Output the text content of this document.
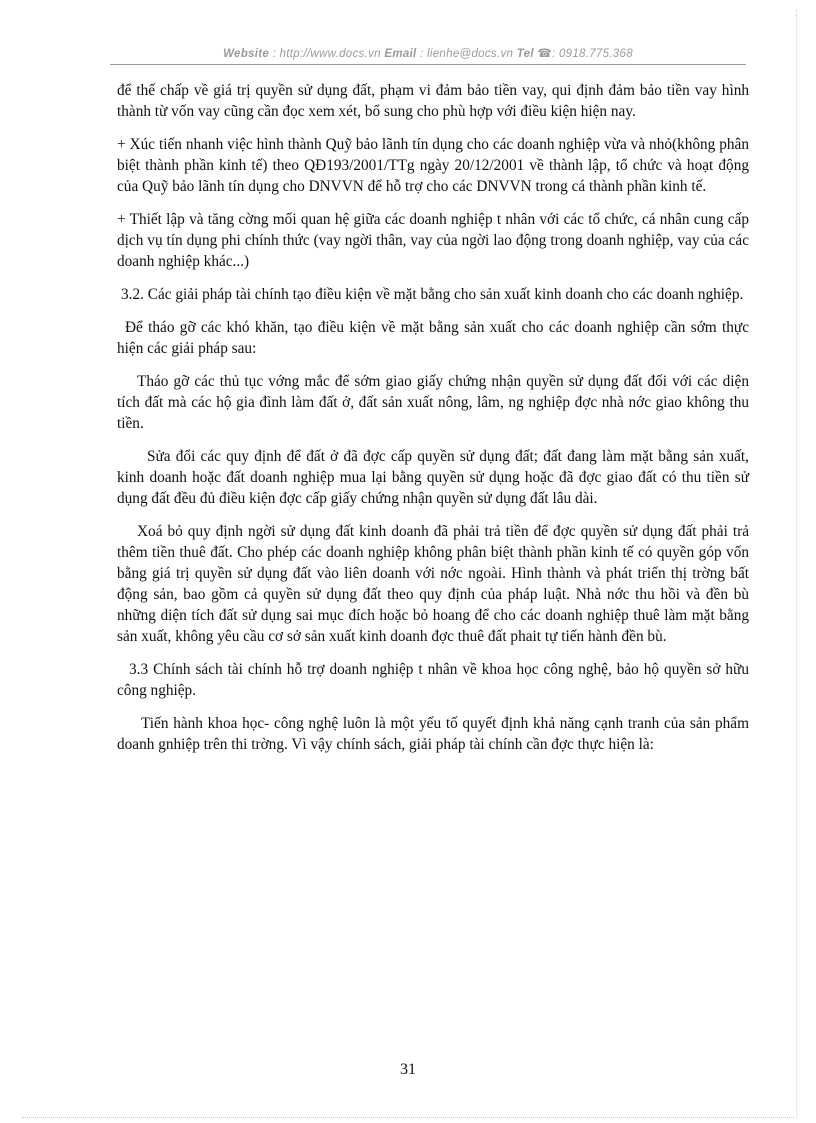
Website : http://www.docs.vn Email : lienhe@docs.vn Tel ☎: 0918.775.368

để thế chấp về giá trị quyền sử dụng đất, phạm vi đảm bảo tiền vay, qui định đảm bảo tiền vay hình thành từ vốn vay cũng cần đọc xem xét, bổ sung cho phù hợp với điều kiện hiện nay.

+ Xúc tiến nhanh việc hình thành Quỹ bảo lãnh tín dụng cho các doanh nghiệp vừa và nhỏ(không phân biệt thành phần kinh tế) theo QĐ193/2001/TTg ngày 20/12/2001 về thành lập, tổ chức và hoạt động của Quỹ bảo lãnh tín dụng cho DNVVN để hỗ trợ cho các DNVVN trong cá thành phần kinh tế.

+ Thiết lập và tăng cờng mối quan hệ giữa các doanh nghiệp t nhân với các tổ chức, cá nhân cung cấp dịch vụ tín dụng phi chính thức (vay ngời thân, vay của ngời lao động trong doanh nghiệp, vay của các doanh nghiệp khác...)

3.2. Các giải pháp tài chính tạo điều kiện về mặt bằng cho sản xuất kinh doanh cho các doanh nghiệp.

Để tháo gỡ các khó khăn, tạo điều kiện về mặt bằng sản xuất cho các doanh nghiệp cần sớm thực hiện các giải pháp sau:

Tháo gỡ các thủ tục vớng mắc để sớm giao giấy chứng nhận quyền sử dụng đất đối với các diện tích đất mà các hộ gia đình làm đất ở, đất sản xuất nông, lâm, ng nghiệp đợc nhà nớc giao không thu tiền.

Sửa đổi các quy định để đất ở đã đợc cấp quyền sử dụng đất; đất đang làm mặt bằng sản xuất, kinh doanh hoặc đất doanh nghiệp mua lại bằng quyền sử dụng hoặc đã đợc giao đất có thu tiền sử dụng đất đều đủ điều kiện đợc cấp giấy chứng nhận quyền sử dụng đất lâu dài.

Xoá bỏ quy định ngời sử dụng đất kinh doanh đã phải trả tiền để đợc quyền sử dụng đất phải trả thêm tiền thuê đất. Cho phép các doanh nghiệp không phân biệt thành phần kinh tế có quyền góp vốn bằng giá trị quyền sử dụng đất vào liên doanh với nớc ngoài. Hình thành và phát triển thị trờng bất động sản, bao gồm cả quyền sử dụng đất theo quy định của pháp luật. Nhà nớc thu hồi và đền bù những diện tích đất sử dụng sai mục đích hoặc bỏ hoang để cho các doanh nghiệp thuê làm mặt bằng sản xuất, không yêu cầu cơ sở sản xuất kinh doanh đợc thuê đất phait tự tiến hành đền bù.

3.3 Chính sách tài chính hỗ trợ doanh nghiệp t nhân về khoa học công nghệ, bảo hộ quyền sở hữu công nghiệp.

Tiến hành khoa học- công nghệ luôn là một yếu tố quyết định khả năng cạnh tranh của sản phẩm doanh gnhiệp trên thi trờng. Vì vậy chính sách, giải pháp tài chính cần đợc thực hiện là:

31
